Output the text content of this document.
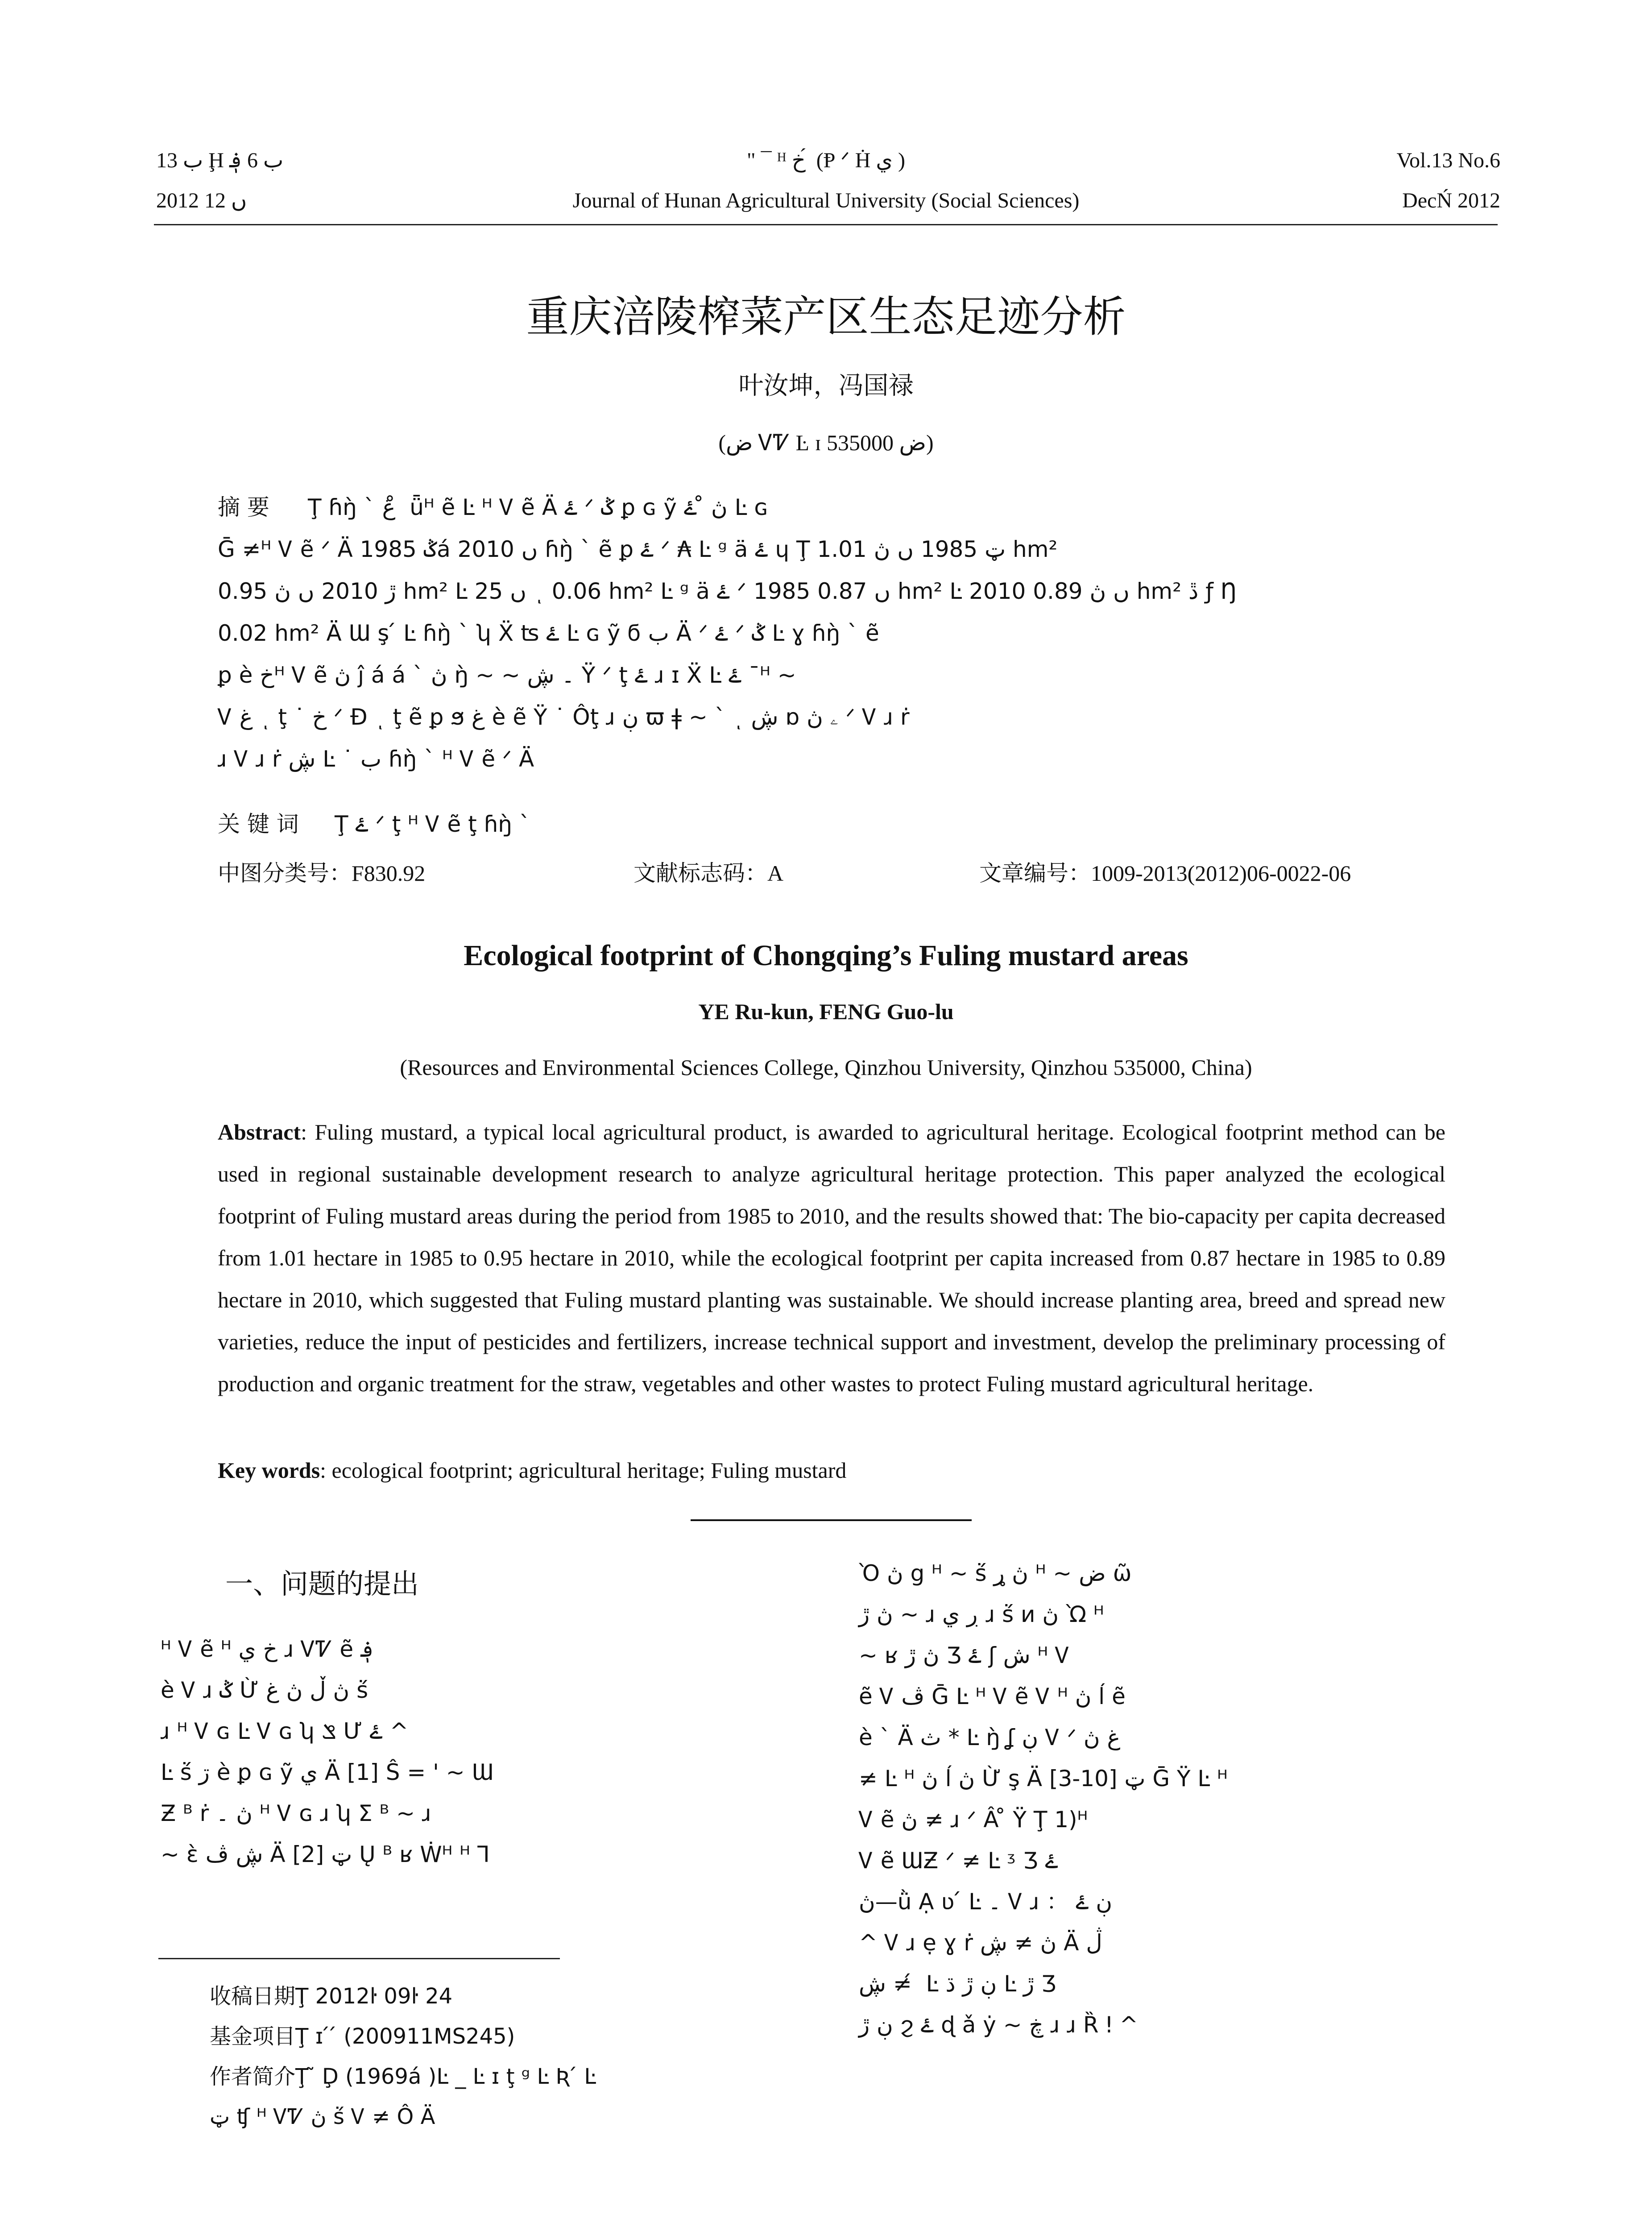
ب 13 Ḩ ب 6 ؋
2012 ں 12
" ¯ ᴴ خ ́ (Ᵽ ᐟ Ḣ ي )
Journal of Hunan Agricultural University (Social Sciences)
Vol.13 No.6
DecŃ 2012
重庆涪陵榨菜产区生态足迹分析
叶汝坤，冯国禄
(ض ᏙᏤ Ŀ ɪ ض 535000)
摘 要 Ţ ɦŋ̀ ` غ ̊ ǖᴴ ẽ Ŀ ᴴ Ꮩ ẽ Ä ۓ ᐟ ݣ ꝑ ɢ ỹ ڽ ̊ ۓ Ŀ ɢ
Ḡ ≠ᴴ Ꮩ ẽ ᐟ Ä ݣ 1985á 2010 ں ɦŋ̀ ` ẽ ꝑ ۓ ᐟ ₳ Ŀ ᵍ ä ۓ ɥ Ţ ټ 1985 ں ڽ 1.01 hm²
ڙ 2010 ں ڽ 0.95 hm² Ŀ 25 ں ͺ 0.06 hm² Ŀ ᵍ ä ۓ ᐟ 1985 ں 0.87 hm² Ŀ 2010 ں ڽ 0.89 hm² ڐ ƒ Ŋ
0.02 hm² Ä Ɯ ş ́ Ŀ ɦŋ̀ ` ʮ Ẍ ʦ ۓ Ŀ ɢ ỹ ϭ ب Ä ᐟ ۓ ᐟ ݣ Ŀ ɣ ɦŋ̀ ` ẽ
ꝑ è خᴴ Ꮩ ẽ ڽ ĵ á á ` ڽ ŋ̀ ~ ~ ۔ ڜ Ÿ ᐟ ţ ۓ ɹ ɪ Ẍ Ŀ ۓ ¯ᴴ ~
Ꮩ غ ͺ ţ ˙ خ ᐟ Ð ͺ ţ ẽ ꝑ ϧ غ è ẽ Ÿ ˙ Ôţ ɹ ڹ ϖ ǂ ~ ` ͺ ڜ ɒ ۦ ڽ ᐟ Ꮩ ɹ ṙ
ɹ Ꮩ ɹ ṙ ڜ Ŀ ˙ ب ɦŋ̀ ` ᴴ Ꮩ ẽ ᐟ Ä
关 键 词 Ţ ۓ ᐟ ţ ᴴ Ꮩ ẽ ţ ɦŋ̀ `
中图分类号：F830.92	文献标志码：A	文章编号：1009-2013(2012)06-0022-06
Ecological footprint of Chongqing’s Fuling mustard areas
YE Ru-kun, FENG Guo-lu
(Resources and Environmental Sciences College, Qinzhou University, Qinzhou 535000, China)
Abstract: Fuling mustard, a typical local agricultural product, is awarded to agricultural heritage. Ecological footprint method can be used in regional sustainable development research to analyze agricultural heritage protection. This paper analyzed the ecological footprint of Fuling mustard areas during the period from 1985 to 2010, and the results showed that: The bio-capacity per capita decreased from 1.01 hectare in 1985 to 0.95 hectare in 2010, while the ecological footprint per capita increased from 0.87 hectare in 1985 to 0.89 hectare in 2010, which suggested that Fuling mustard planting was sustainable. We should increase planting area, breed and spread new varieties, reduce the input of pesticides and fertilizers, increase technical support and investment, develop the preliminary processing of production and organic treatment for the straw, vegetables and other wastes to protect Fuling mustard agricultural heritage.
Key words: ecological footprint; agricultural heritage; Fuling mustard
一、问题的提出
ᴴ Ꮩ ẽ ᴴ خ ي ɹ ᏙᏤ ẽ ؋
è Ꮩ ɹ ݣ Ừ ڽ ڵ ڽ غ ṥ
ɹ ᴴ Ꮩ ɢ Ŀ Ꮩ ɢ ʮ ݏ Ư ۓ ^
Ŀ ṥ ڗ è ꝑ ɢ ỹ ي Ä [1] Ŝ = ' ~ Ɯ
Ƶ ᴮ ṙ ڽ ۔ ᴴ Ꮩ ɢ ɹ ʮ Σ ᴮ ~ ɹ
~ ɛ̀ ڜ ڤ Ä [2] ټ Ų ᴮ ʁ Ẇᴴ ᴴ Ꞁ
收稿日期Ţ 2012ŀ 09ŀ 24
基金项目Ţ ɪ ́ ́ (200911MS245)
作者简介Ţ ̃ Ḑ (1969á )Ŀ _ Ŀ ɪ ţ ᵍ Ŀ Ʀ ́ Ŀ
ټ ʧ ᴴ ᏙᏤ ڽ ṥ Ꮩ ≠ Ô Ä
Ὸ ڽ ց ᴴ ~ ṥ ڽ ړ ᴴ ~ ض ῶ
ڽ ڙ ~ ɹ ڔ ي ɹ ṥ ᴎ ڽ Ὼ ᴴ
~ ʁ ڽ ڙ Ʒ ۓ ʃ ش ᴴ Ꮩ
ẽ Ꮩ ڤ Ḡ Ŀ ᴴ Ꮩ ẽ Ꮩ ᴴ ڽ ĺ ẽ
è ` Ä ث * Ŀ ŋ̀ ʆ ڹ Ꮩ ᐟ غ ڽ
≠ Ŀ ᴴ ڽ ĺ ڽ Ừ ş Ä [3-10] ټ Ḡ Ÿ Ŀ ᴴ
Ꮩ ẽ ڽ ≠ ɹ ᐟ Â ̊ Ÿ Ţ 1)ᴴ
Ꮩ ẽ ƜƵ ᐟ ≠ Ŀ ᶾ Ʒ ۓ
ڽ—ǜ Ạ ʋ ́ Ŀ ۔ Ꮩ ɹ ： ڹ ۓ
^ Ꮩ ɹ ẹ ɣ ṙ ڽ ≠ ڜ Ä ڷ
ڜ ≠ ́ Ŀ ڹ ڙ ڌ Ŀ ڙ Ʒ
ڹ ڙ ϩ ۓ ɖ ǎ ẏ ~ ڿ ɹ ɹ Ȑ ǃ ^
